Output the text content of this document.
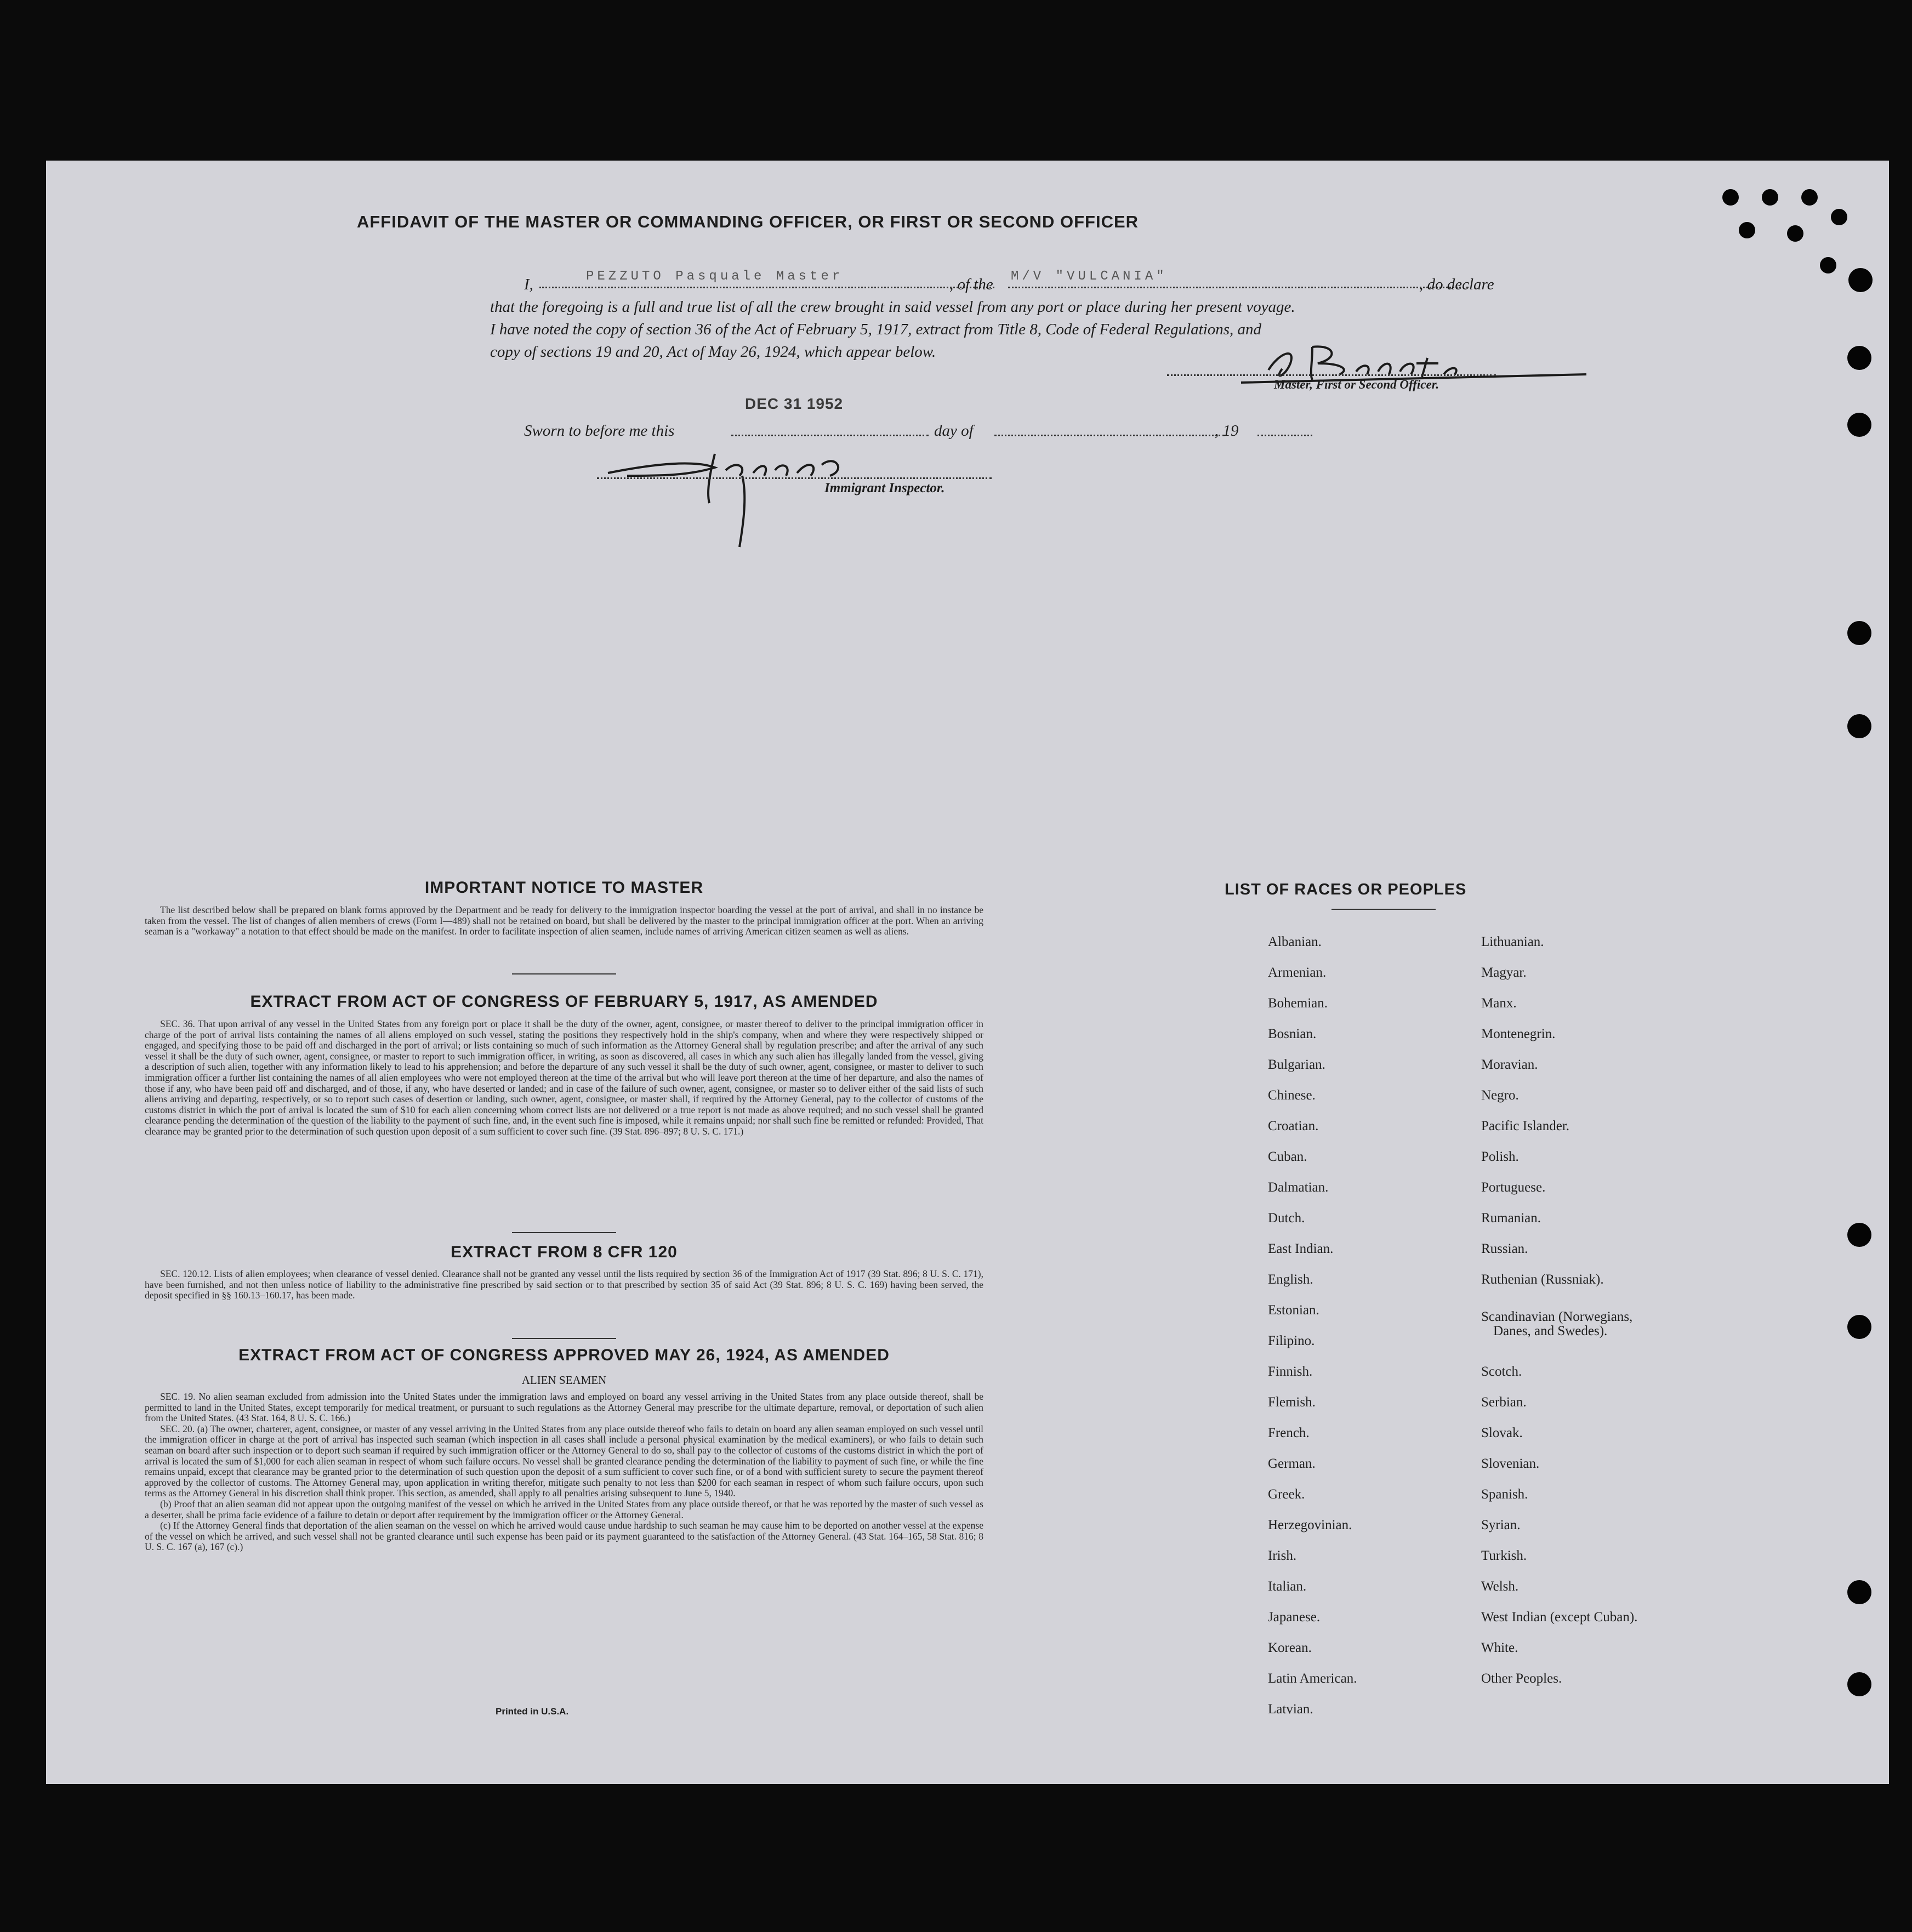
AFFIDAVIT OF THE MASTER OR COMMANDING OFFICER, OR FIRST OR SECOND OFFICER
I,	PEZZUTO Pasquale Master	, of the M/V "VULCANIA"	, do declare
that the foregoing is a full and true list of all the crew brought in said vessel from any port or place during her present voyage.
I have noted the copy of section 36 of the Act of February 5, 1917, extract from Title 8, Code of Federal Regulations, and
copy of sections 19 and 20, Act of May 26, 1924, which appear below.
Master, First or Second Officer.
DEC 31 1952
Sworn to before me this	day of	, 19
Immigrant Inspector.
IMPORTANT NOTICE TO MASTER

The list described below shall be prepared on blank forms approved by the Department and be ready for delivery to the immigration inspector boarding the vessel at the port of arrival, and shall in no instance be taken from the vessel. The list of changes of alien members of crews (Form I—489) shall not be retained on board, but shall be delivered by the master to the principal immigration officer at the port. When an arriving seaman is a "workaway" a notation to that effect should be made on the manifest. In order to facilitate inspection of alien seamen, include names of arriving American citizen seamen as well as aliens.

EXTRACT FROM ACT OF CONGRESS OF FEBRUARY 5, 1917, AS AMENDED

SEC. 36. That upon arrival of any vessel in the United States from any foreign port or place it shall be the duty of the owner, agent, consignee, or master thereof to deliver to the principal immigration officer in charge of the port of arrival lists containing the names of all aliens employed on such vessel, stating the positions they respectively hold in the ship's company, when and where they were respectively shipped or engaged, and specifying those to be paid off and discharged in the port of arrival; or lists containing so much of such information as the Attorney General shall by regulation prescribe; and after the arrival of any such vessel it shall be the duty of such owner, agent, consignee, or master to report to such immigration officer, in writing, as soon as discovered, all cases in which any such alien has illegally landed from the vessel, giving a description of such alien, together with any information likely to lead to his apprehension; and before the departure of any such vessel it shall be the duty of such owner, agent, consignee, or master to deliver to such immigration officer a further list containing the names of all alien employees who were not employed thereon at the time of the arrival but who will leave port thereon at the time of her departure, and also the names of those if any, who have been paid off and discharged, and of those, if any, who have deserted or landed; and in case of the failure of such owner, agent, consignee, or master so to deliver either of the said lists of such aliens arriving and departing, respectively, or so to report such cases of desertion or landing, such owner, agent, consignee, or master shall, if required by the Attorney General, pay to the collector of customs of the customs district in which the port of arrival is located the sum of $10 for each alien concerning whom correct lists are not delivered or a true report is not made as above required; and no such vessel shall be granted clearance pending the determination of the question of the liability to the payment of such fine, and, in the event such fine is imposed, while it remains unpaid; nor shall such fine be remitted or refunded: Provided, That clearance may be granted prior to the determination of such question upon deposit of a sum sufficient to cover such fine. (39 Stat. 896–897; 8 U. S. C. 171.)

EXTRACT FROM 8 CFR 120

SEC. 120.12. Lists of alien employees; when clearance of vessel denied. Clearance shall not be granted any vessel until the lists required by section 36 of the Immigration Act of 1917 (39 Stat. 896; 8 U. S. C. 171), have been furnished, and not then unless notice of liability to the administrative fine prescribed by said section or to that prescribed by section 35 of said Act (39 Stat. 896; 8 U. S. C. 169) having been served, the deposit specified in §§ 160.13–160.17, has been made.

EXTRACT FROM ACT OF CONGRESS APPROVED MAY 26, 1924, AS AMENDED
ALIEN SEAMEN

SEC. 19. No alien seaman excluded from admission into the United States under the immigration laws and employed on board any vessel arriving in the United States from any place outside thereof, shall be permitted to land in the United States, except temporarily for medical treatment, or pursuant to such regulations as the Attorney General may prescribe for the ultimate departure, removal, or deportation of such alien from the United States. (43 Stat. 164, 8 U. S. C. 166.)

SEC. 20. (a) The owner, charterer, agent, consignee, or master of any vessel arriving in the United States from any place outside thereof who fails to detain on board any alien seaman employed on such vessel until the immigration officer in charge at the port of arrival has inspected such seaman (which inspection in all cases shall include a personal physical examination by the medical examiners), or who fails to detain such seaman on board after such inspection or to deport such seaman if required by such immigration officer or the Attorney General to do so, shall pay to the collector of customs of the customs district in which the port of arrival is located the sum of $1,000 for each alien seaman in respect of whom such failure occurs. No vessel shall be granted clearance pending the determination of the liability to payment of such fine, or while the fine remains unpaid, except that clearance may be granted prior to the determination of such question upon the deposit of a sum sufficient to cover such fine, or of a bond with sufficient surety to secure the payment thereof approved by the collector of customs. The Attorney General may, upon application in writing therefor, mitigate such penalty to not less than $200 for each seaman in respect of whom such failure occurs, upon such terms as the Attorney General in his discretion shall think proper. This section, as amended, shall apply to all penalties arising subsequent to June 5, 1940.

(b) Proof that an alien seaman did not appear upon the outgoing manifest of the vessel on which he arrived in the United States from any place outside thereof, or that he was reported by the master of such vessel as a deserter, shall be prima facie evidence of a failure to detain or deport after requirement by the immigration officer or the Attorney General.

(c) If the Attorney General finds that deportation of the alien seaman on the vessel on which he arrived would cause undue hardship to such seaman he may cause him to be deported on another vessel at the expense of the vessel on which he arrived, and such vessel shall not be granted clearance until such expense has been paid or its payment guaranteed to the satisfaction of the Attorney General. (43 Stat. 164–165, 58 Stat. 816; 8 U. S. C. 167 (a), 167 (c).)

Printed in U.S.A.
LIST OF RACES OR PEOPLES
Albanian.
Armenian.
Bohemian.
Bosnian.
Bulgarian.
Chinese.
Croatian.
Cuban.
Dalmatian.
Dutch.
East Indian.
English.
Estonian.
Filipino.
Finnish.
Flemish.
French.
German.
Greek.
Herzegovinian.
Irish.
Italian.
Japanese.
Korean.
Latin American.
Latvian.
Lithuanian.
Magyar.
Manx.
Montenegrin.
Moravian.
Negro.
Pacific Islander.
Polish.
Portuguese.
Rumanian.
Russian.
Ruthenian (Russniak).
Scandinavian (Norwegians,
Danes, and Swedes).
Scotch.
Serbian.
Slovak.
Slovenian.
Spanish.
Syrian.
Turkish.
Welsh.
West Indian (except Cuban).
White.
Other Peoples.
